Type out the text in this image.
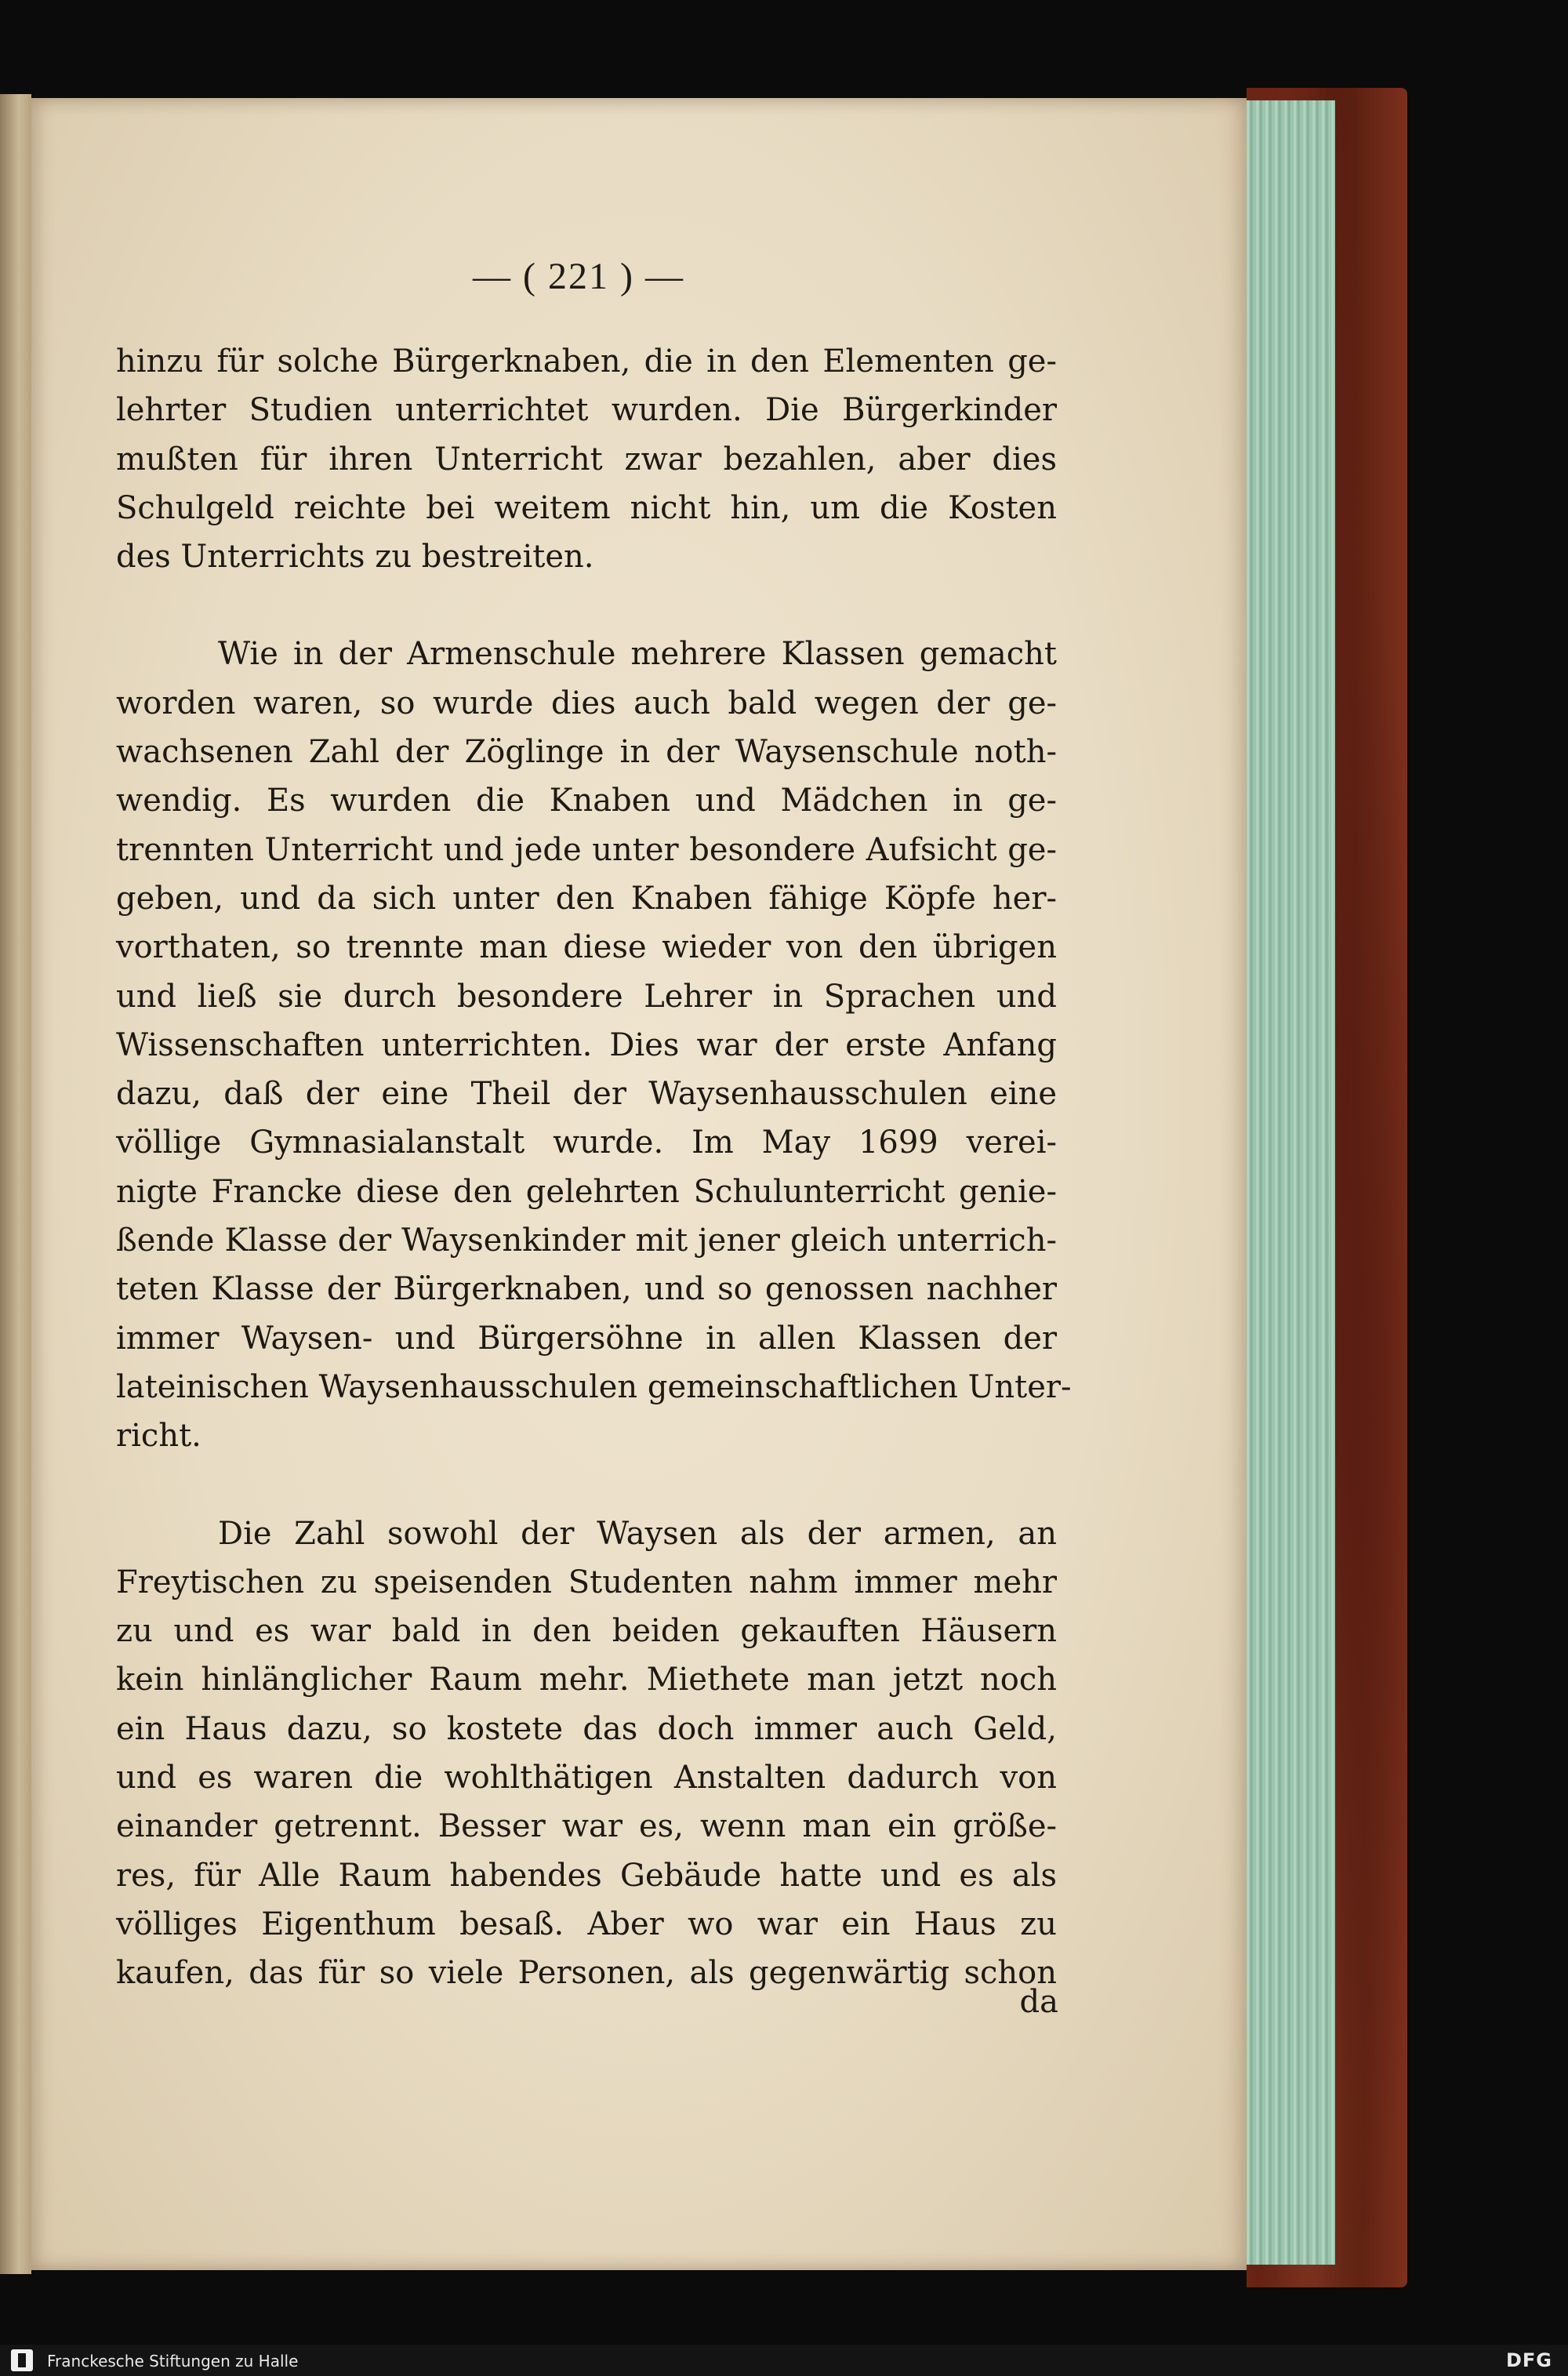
— ( 221 ) —
hinzu für solche Bürgerknaben, die in den Elementen ge-
lehrter Studien unterrichtet wurden. Die Bürgerkinder
mußten für ihren Unterricht zwar bezahlen, aber dies
Schulgeld reichte bei weitem nicht hin, um die Kosten
des Unterrichts zu bestreiten.
Wie in der Armenschule mehrere Klassen gemacht
worden waren, so wurde dies auch bald wegen der ge-
wachsenen Zahl der Zöglinge in der Waysenschule noth-
wendig. Es wurden die Knaben und Mädchen in ge-
trennten Unterricht und jede unter besondere Aufsicht ge-
geben, und da sich unter den Knaben fähige Köpfe her-
vorthaten, so trennte man diese wieder von den übrigen
und ließ sie durch besondere Lehrer in Sprachen und
Wissenschaften unterrichten. Dies war der erste Anfang
dazu, daß der eine Theil der Waysenhausschulen eine
völlige Gymnasialanstalt wurde. Im May 1699 verei-
nigte Francke diese den gelehrten Schulunterricht genie-
ßende Klasse der Waysenkinder mit jener gleich unterrich-
teten Klasse der Bürgerknaben, und so genossen nachher
immer Waysen- und Bürgersöhne in allen Klassen der
lateinischen Waysenhausschulen gemeinschaftlichen Unter-
richt.
Die Zahl sowohl der Waysen als der armen, an
Freytischen zu speisenden Studenten nahm immer mehr
zu und es war bald in den beiden gekauften Häusern
kein hinlänglicher Raum mehr. Miethete man jetzt noch
ein Haus dazu, so kostete das doch immer auch Geld,
und es waren die wohlthätigen Anstalten dadurch von
einander getrennt. Besser war es, wenn man ein größe-
res, für Alle Raum habendes Gebäude hatte und es als
völliges Eigenthum besaß. Aber wo war ein Haus zu
kaufen, das für so viele Personen, als gegenwärtig schon
da
Franckesche Stiftungen zu Halle	DFG
